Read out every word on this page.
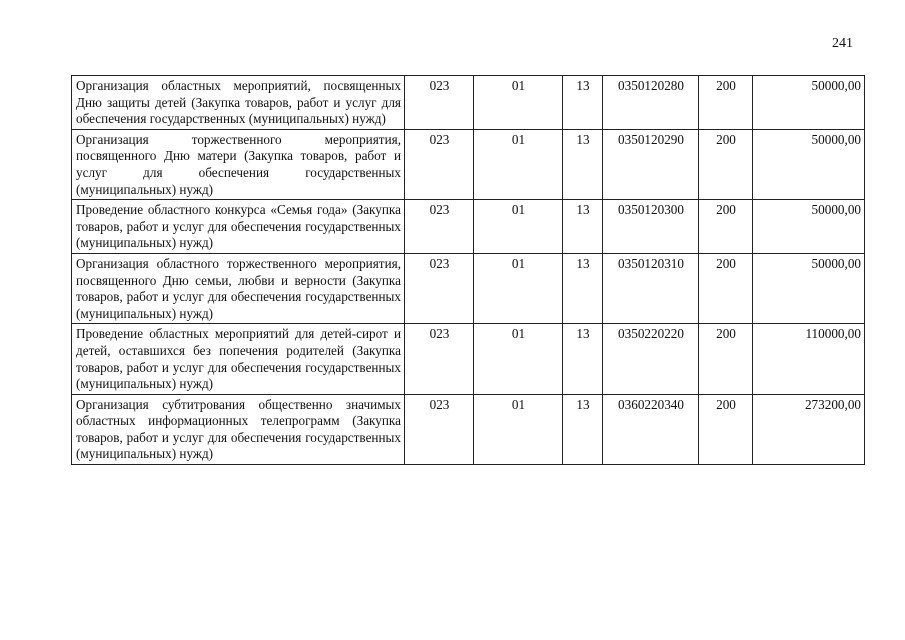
241
Организация областных мероприятий, посвященных Дню защиты детей (Закупка товаров, работ и услуг для обеспечения государственных (муниципальных) нужд)	023	01	13	0350120280	200	50000,00
Организация торжественного мероприятия, посвященного Дню матери (Закупка товаров, работ и услуг для обеспечения государственных (муниципальных) нужд)	023	01	13	0350120290	200	50000,00
Проведение областного конкурса «Семья года» (Закупка товаров, работ и услуг для обеспечения государственных (муниципальных) нужд)	023	01	13	0350120300	200	50000,00
Организация областного торжественного мероприятия, посвященного Дню семьи, любви и верности (Закупка товаров, работ и услуг для обеспечения государственных (муниципальных) нужд)	023	01	13	0350120310	200	50000,00
Проведение областных мероприятий для детей-сирот и детей, оставшихся без попечения родителей (Закупка товаров, работ и услуг для обеспечения государственных (муниципальных) нужд)	023	01	13	0350220220	200	110000,00
Организация субтитрования общественно значимых областных информационных телепрограмм (Закупка товаров, работ и услуг для обеспечения государственных (муниципальных) нужд)	023	01	13	0360220340	200	273200,00
